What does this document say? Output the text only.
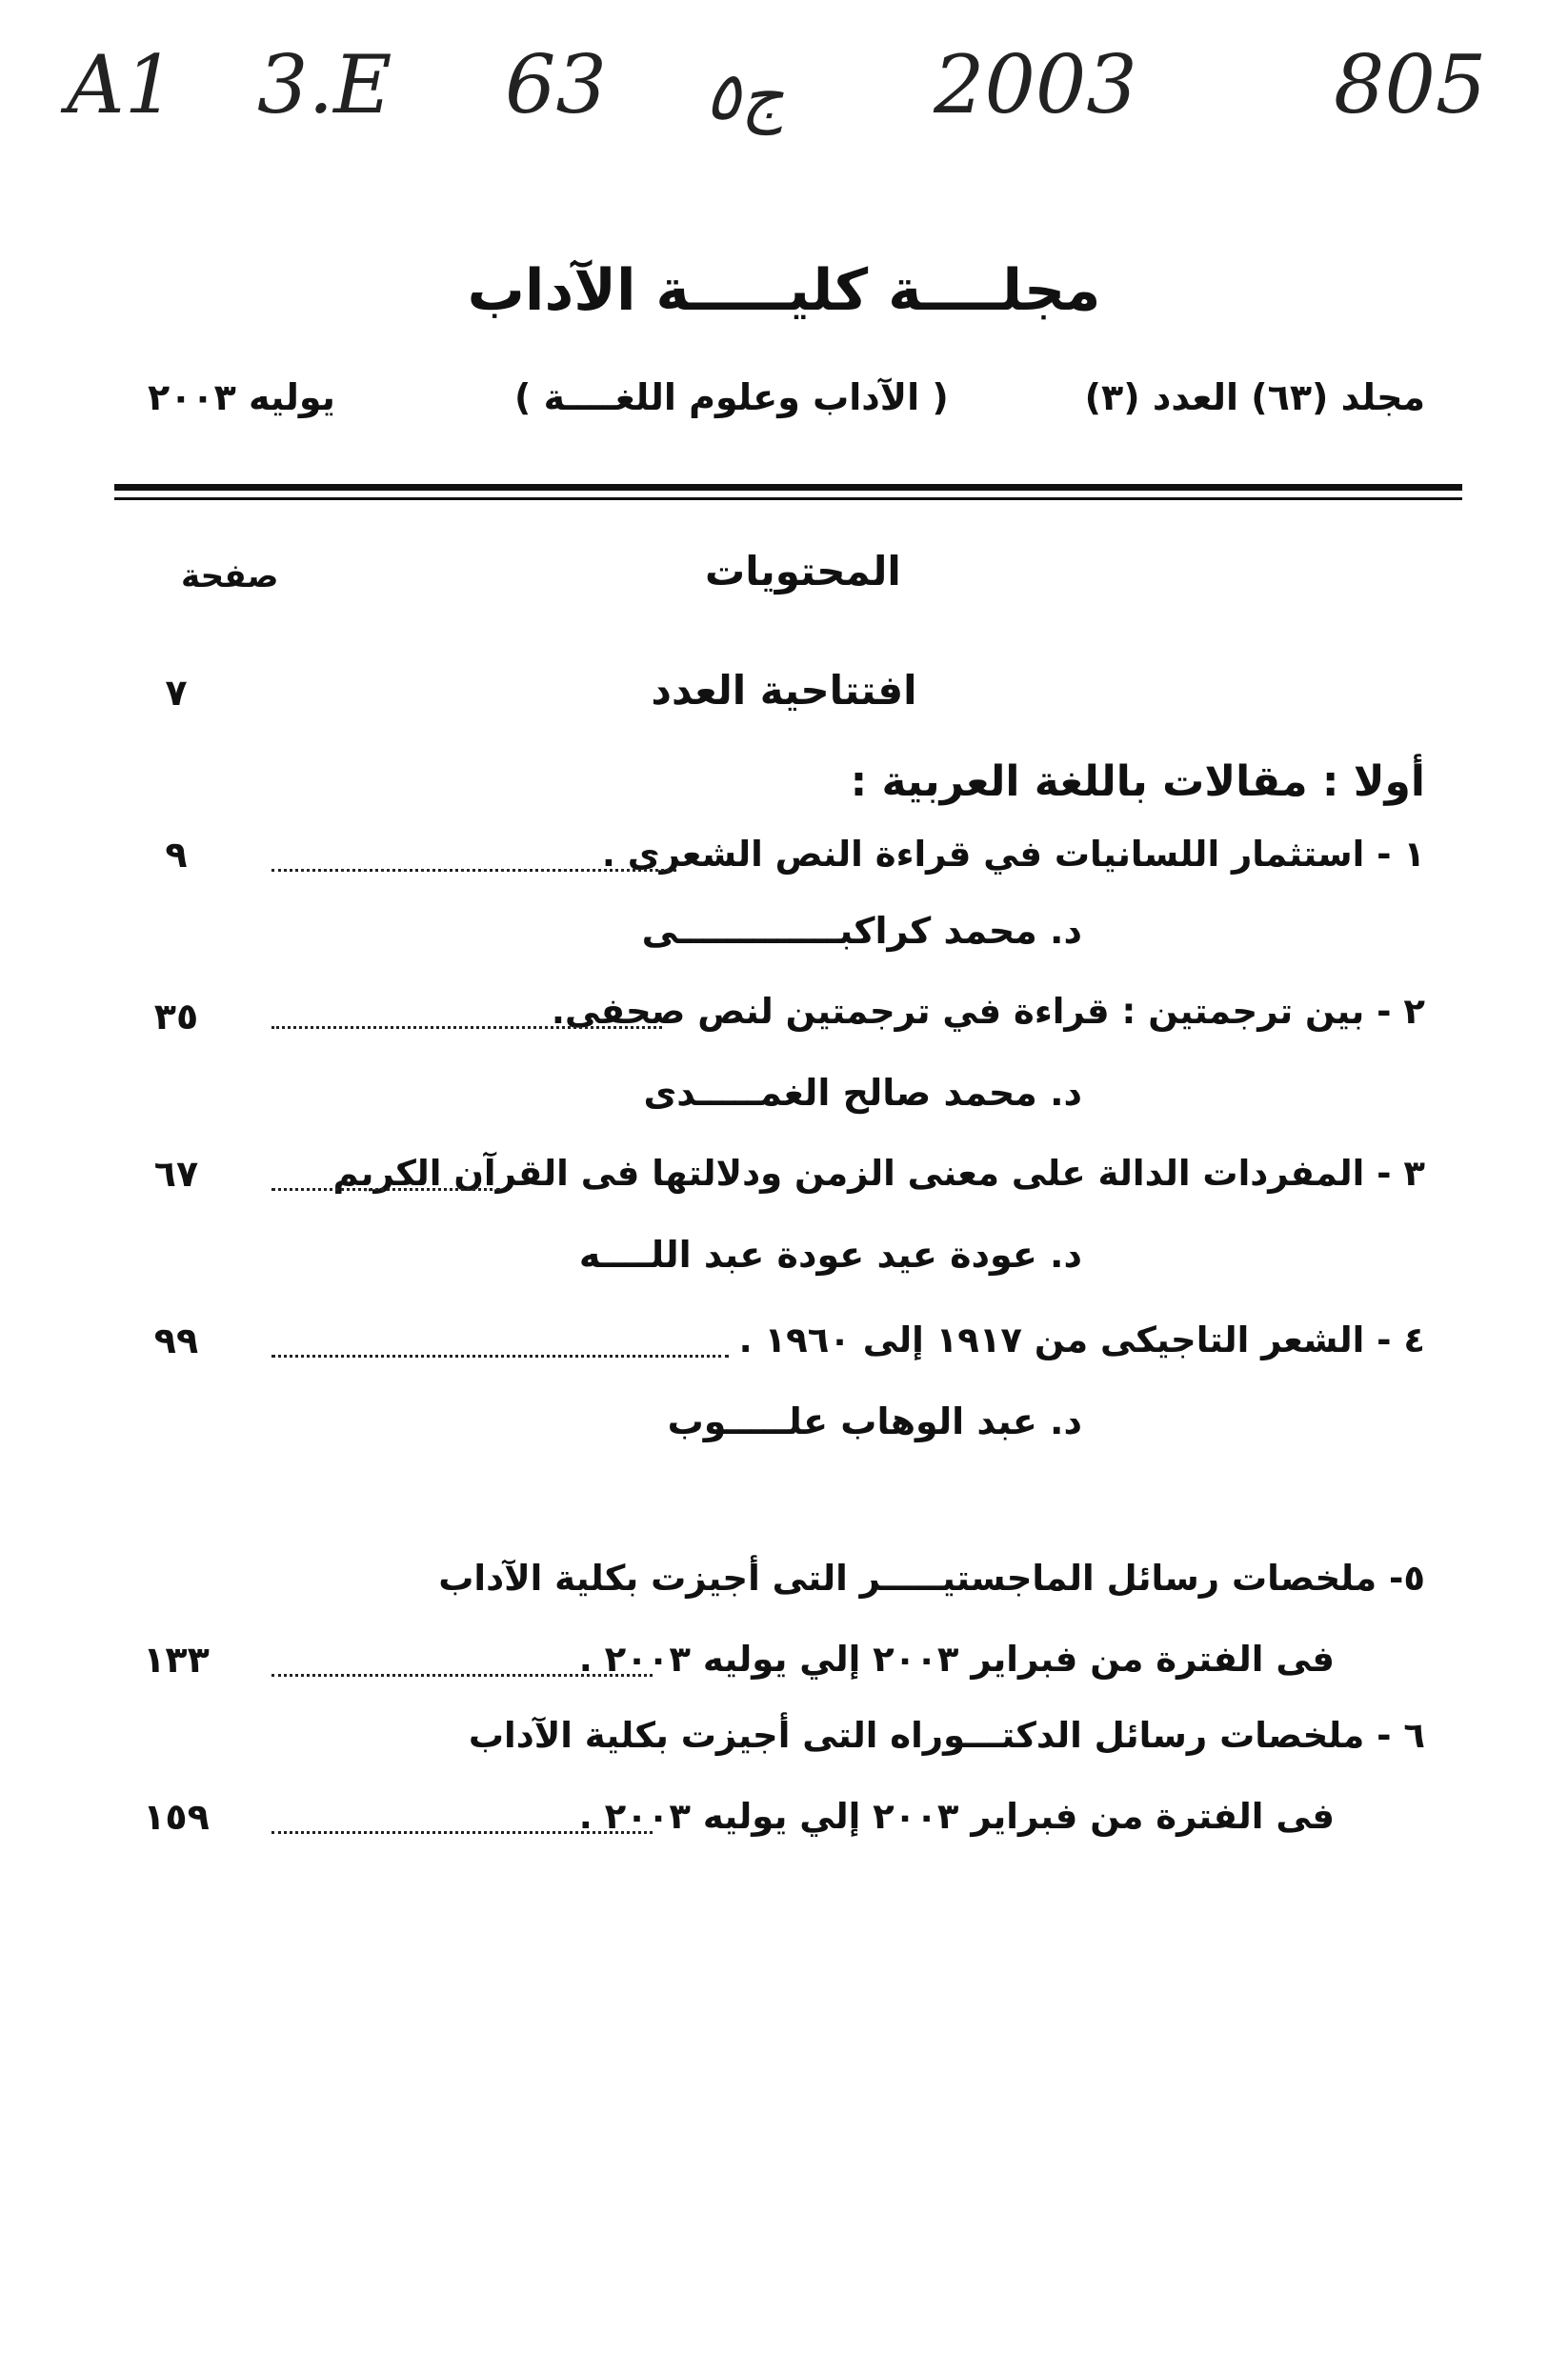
A1 3.E 63 ج٥ 2003 805
مجلــــة كليـــــة الآداب
مجلد (٦٣) العدد (٣)
( الآداب وعلوم اللغــــة )
يوليه ٢٠٠٣
المحتويات
صفحة
افتتاحية العدد
٧
أولا : مقالات باللغة العربية :
١ - استثمار اللسانيات في قراءة النص الشعرى .
٩
د. محمد كراكبـــــــــــــى
٢ - بين ترجمتين : قراءة في ترجمتين لنص صحفى.
٣٥
د. محمد صالح الغمـــــدى
٣ - المفردات الدالة على معنى الزمن ودلالتها فى القرآن الكريم
٦٧
د. عودة عيد عودة عبد اللــــه
٤ - الشعر التاجيكى من ١٩١٧ إلى ١٩٦٠ .
٩٩
د. عبد الوهاب علـــــوب
٥- ملخصات رسائل الماجستيـــــر التى أجيزت بكلية الآداب
فى الفترة من فبراير ٢٠٠٣ إلي يوليه ٢٠٠٣ .
١٣٣
٦ - ملخصات رسائل الدكتـــوراه التى أجيزت بكلية الآداب
فى الفترة من فبراير ٢٠٠٣ إلي يوليه ٢٠٠٣ .
١٥٩
